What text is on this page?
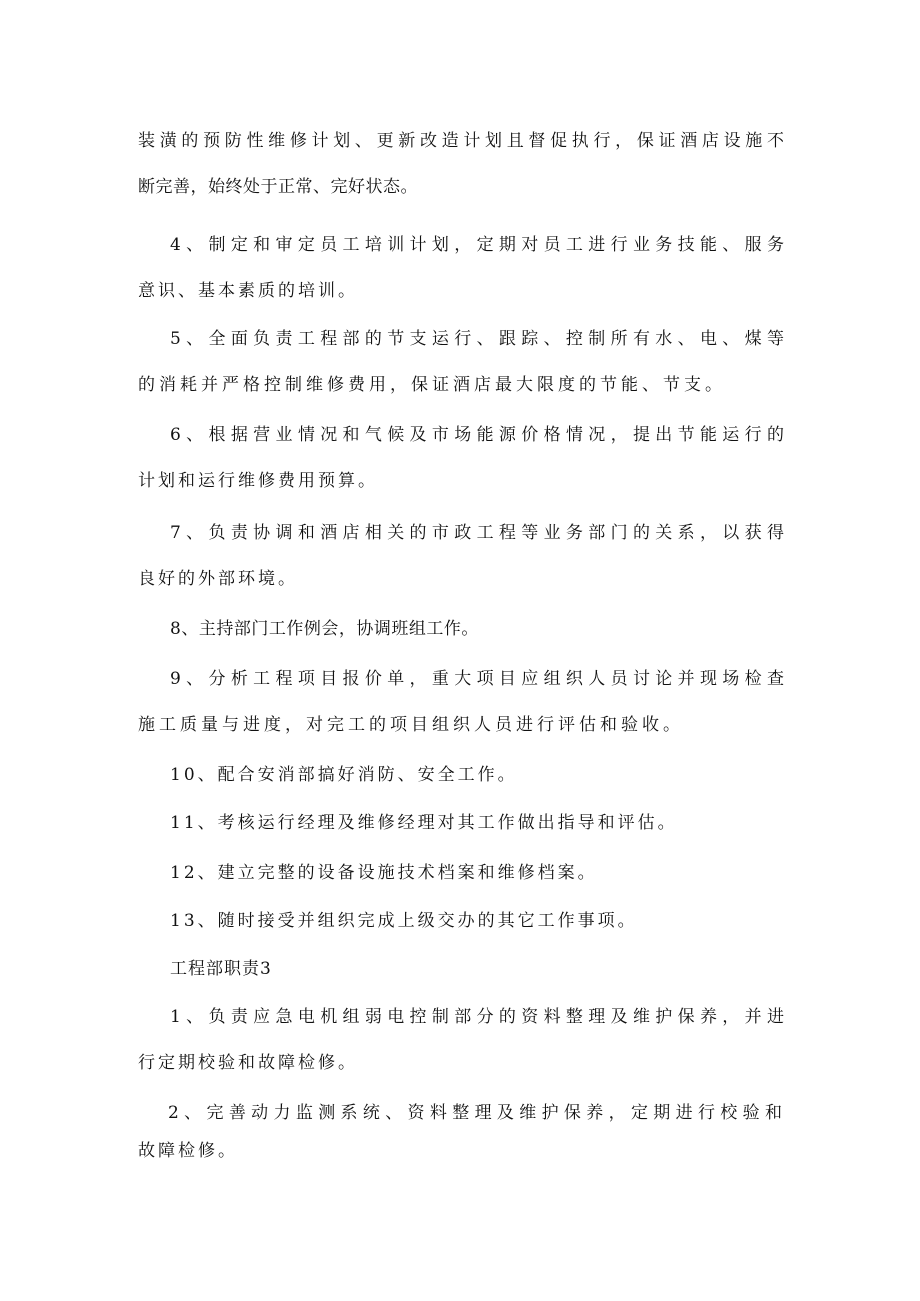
装潢的预防性维修计划、更新改造计划且督促执行，保证酒店设施不
断完善，始终处于正常、完好状态。
4、制定和审定员工培训计划，定期对员工进行业务技能、服务
意识、基本素质的培训。
5、全面负责工程部的节支运行、跟踪、控制所有水、电、煤等
的消耗并严格控制维修费用，保证酒店最大限度的节能、节支。
6、根据营业情况和气候及市场能源价格情况，提出节能运行的
计划和运行维修费用预算。
7、负责协调和酒店相关的市政工程等业务部门的关系，以获得
良好的外部环境。
8、主持部门工作例会，协调班组工作。
9、分析工程项目报价单，重大项目应组织人员讨论并现场检查
施工质量与进度，对完工的项目组织人员进行评估和验收。
10、配合安消部搞好消防、安全工作。
11、考核运行经理及维修经理对其工作做出指导和评估。
12、建立完整的设备设施技术档案和维修档案。
13、随时接受并组织完成上级交办的其它工作事项。
工程部职责3
1、负责应急电机组弱电控制部分的资料整理及维护保养，并进
行定期校验和故障检修。
2、完善动力监测系统、资料整理及维护保养，定期进行校验和
故障检修。
